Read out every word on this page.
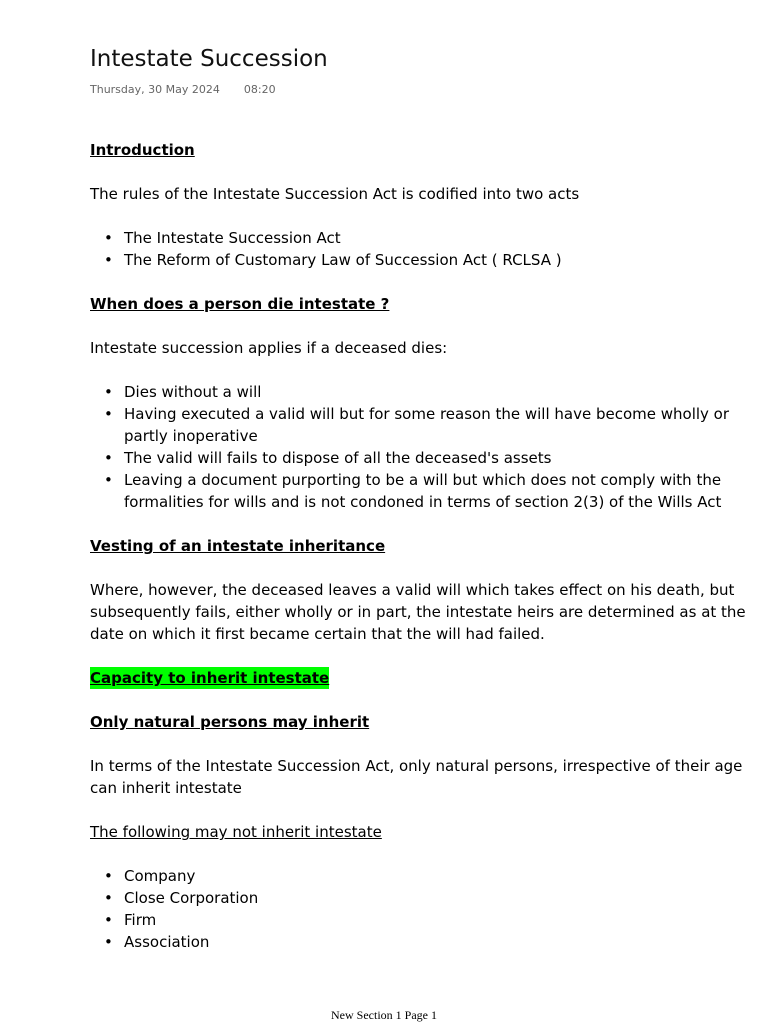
Intestate Succession
Thursday, 30 May 2024 08:20

Introduction

The rules of the Intestate Succession Act is codified into two acts

• The Intestate Succession Act
• The Reform of Customary Law of Succession Act ( RCLSA )

When does a person die intestate ?

Intestate succession applies if a deceased dies:

• Dies without a will
• Having executed a valid will but for some reason the will have become wholly or partly inoperative
• The valid will fails to dispose of all the deceased's assets
• Leaving a document purporting to be a will but which does not comply with the formalities for wills and is not condoned in terms of section 2(3) of the Wills Act

Vesting of an intestate inheritance

Where, however, the deceased leaves a valid will which takes effect on his death, but subsequently fails, either wholly or in part, the intestate heirs are determined as at the date on which it first became certain that the will had failed.

Capacity to inherit intestate

Only natural persons may inherit

In terms of the Intestate Succession Act, only natural persons, irrespective of their age can inherit intestate

The following may not inherit intestate

• Company
• Close Corporation
• Firm
• Association
New Section 1 Page 1
